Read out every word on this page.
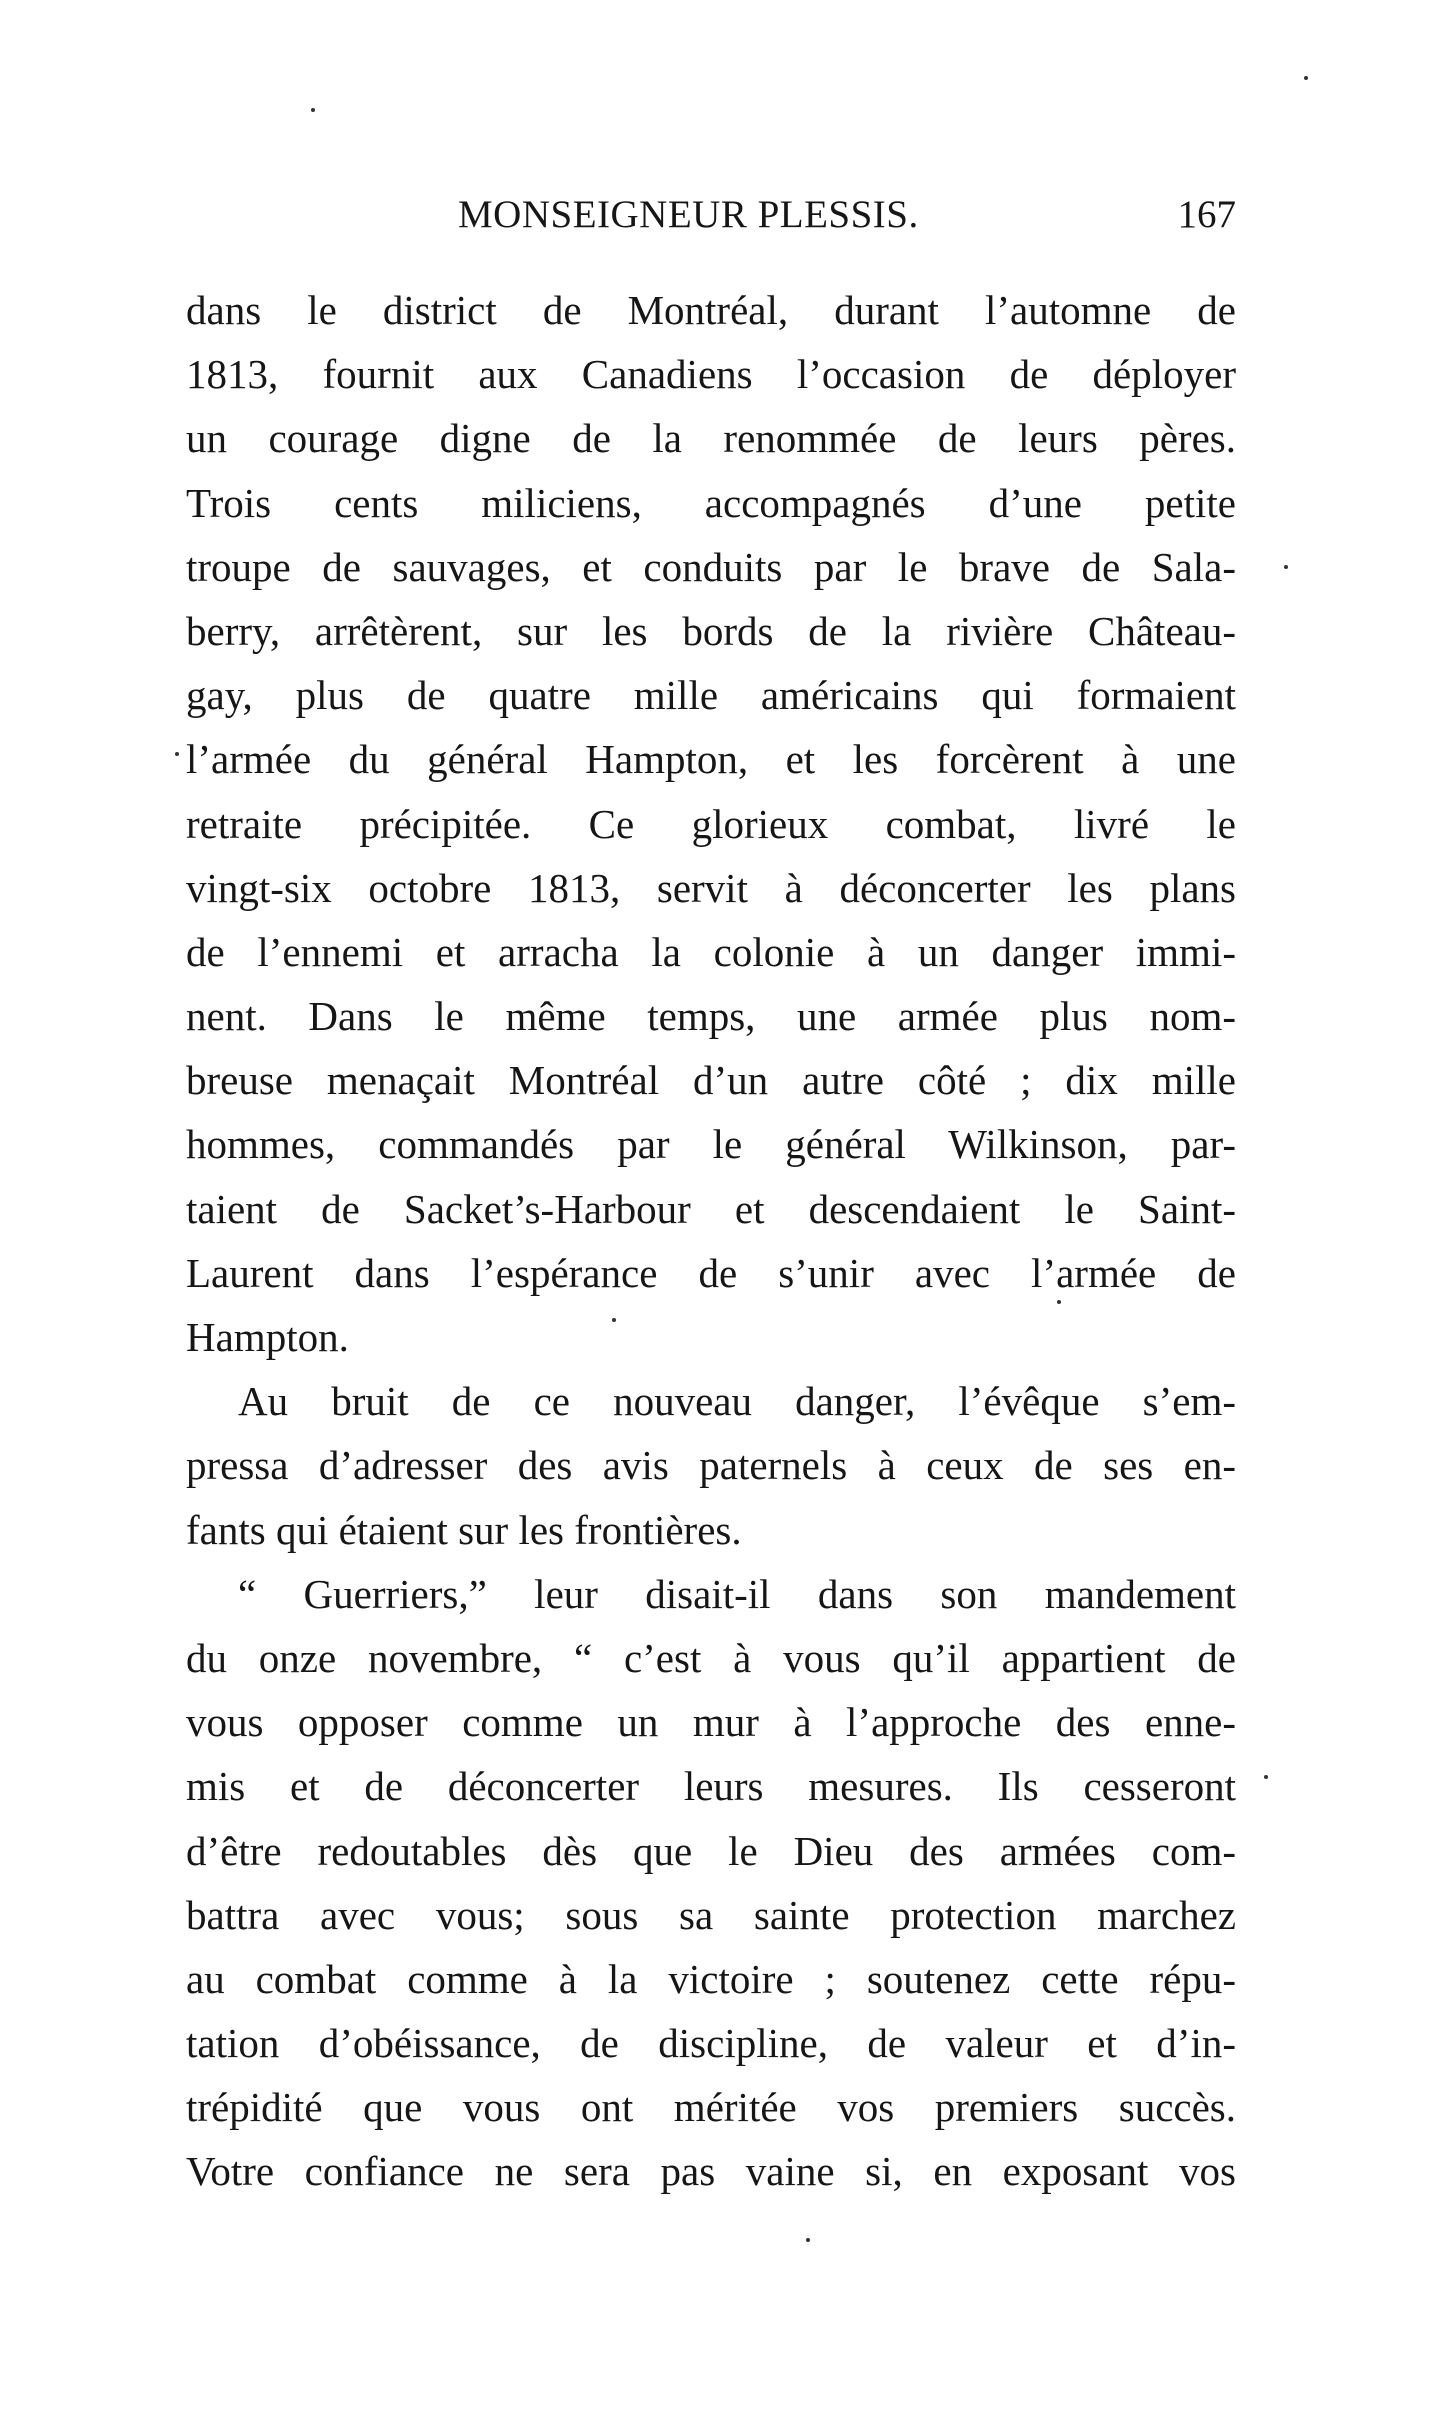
MONSEIGNEUR PLESSIS.	167
dans le district de Montréal, durant l’automne de
1813, fournit aux Canadiens l’occasion de déployer
un courage digne de la renommée de leurs pères.
Trois cents miliciens, accompagnés d’une petite
troupe de sauvages, et conduits par le brave de Sala-
berry, arrêtèrent, sur les bords de la rivière Château-
gay, plus de quatre mille américains qui formaient
l’armée du général Hampton, et les forcèrent à une
retraite précipitée. Ce glorieux combat, livré le
vingt-six octobre 1813, servit à déconcerter les plans
de l’ennemi et arracha la colonie à un danger immi-
nent. Dans le même temps, une armée plus nom-
breuse menaçait Montréal d’un autre côté ; dix mille
hommes, commandés par le général Wilkinson, par-
taient de Sacket’s-Harbour et descendaient le Saint-
Laurent dans l’espérance de s’unir avec l’armée de
Hampton.
Au bruit de ce nouveau danger, l’évêque s’em-
pressa d’adresser des avis paternels à ceux de ses en-
fants qui étaient sur les frontières.
“ Guerriers,” leur disait-il dans son mandement
du onze novembre, “ c’est à vous qu’il appartient de
vous opposer comme un mur à l’approche des enne-
mis et de déconcerter leurs mesures. Ils cesseront
d’être redoutables dès que le Dieu des armées com-
battra avec vous; sous sa sainte protection marchez
au combat comme à la victoire ; soutenez cette répu-
tation d’obéissance, de discipline, de valeur et d’in-
trépidité que vous ont méritée vos premiers succès.
Votre confiance ne sera pas vaine si, en exposant vos
